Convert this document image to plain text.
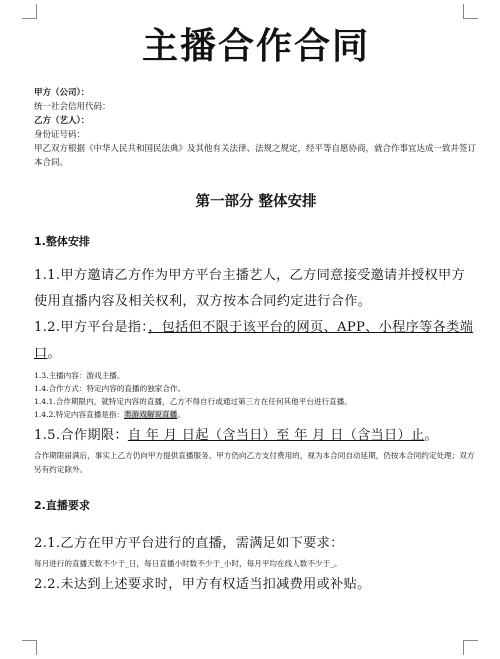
主播合作合同

甲方（公司）：

统一社会信用代码：

乙方（艺人）：

身份证号码：

甲乙双方根据《中华人民共和国民法典》及其他有关法律、法规之规定，经平等自愿协商，就合作事宜达成一致并签订本合同。

第一部分 整体安排

1.整体安排

1.1.甲方邀请乙方作为甲方平台主播艺人，乙方同意接受邀请并授权甲方使用直播内容及相关权利，双方按本合同约定进行合作。

1.2.甲方平台是指：，包括但不限于该平台的网页、APP、小程序等各类端口。

1.3.主播内容：游戏主播。

1.4.合作方式：特定内容的直播的独家合作。

1.4.1.合作期限内，就特定内容的直播，乙方不得自行或通过第三方在任何其他平台进行直播。

1.4.2.特定内容直播是指：类游戏解说直播。

1.5.合作期限：自 年 月 日起（含当日）至 年 月 日（含当日）止。

合作期限届满后，事实上乙方仍向甲方提供直播服务、甲方仍向乙方支付费用的，视为本合同自动延期，仍按本合同约定处理；双方另有约定除外。

2.直播要求

2.1.乙方在甲方平台进行的直播，需满足如下要求：

每月进行的直播天数不少于_日，每日直播小时数不少于_小时，每月平均在线人数不少于_。

2.2.未达到上述要求时，甲方有权适当扣减费用或补贴。
